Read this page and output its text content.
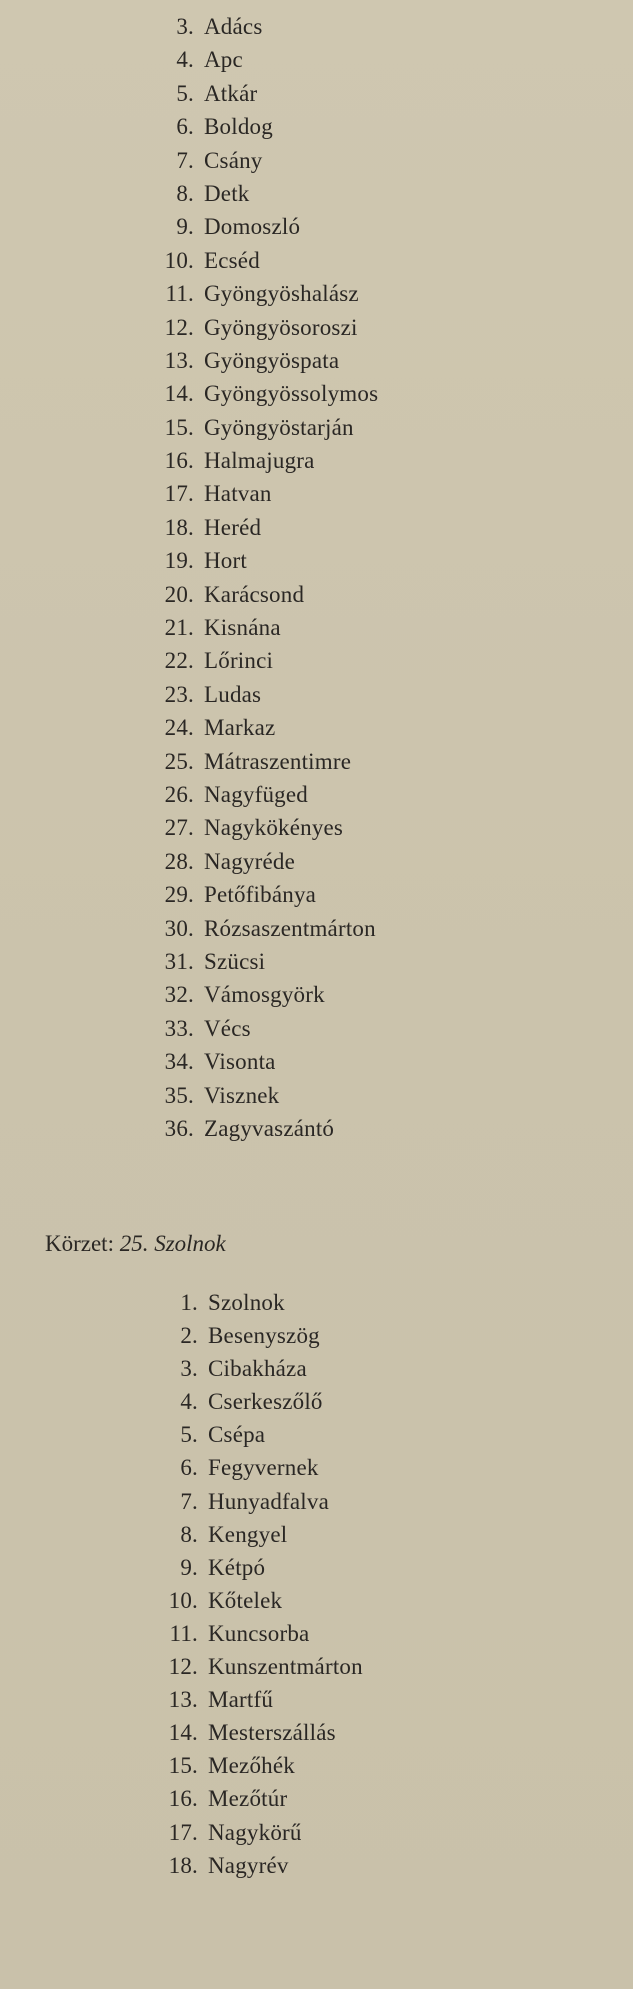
3. Adács
4. Apc
5. Atkár
6. Boldog
7. Csány
8. Detk
9. Domoszló
10. Ecséd
11. Gyöngyöshalász
12. Gyöngyösoroszi
13. Gyöngyöspata
14. Gyöngyössolymos
15. Gyöngyöstarján
16. Halmajugra
17. Hatvan
18. Heréd
19. Hort
20. Karácsond
21. Kisnána
22. Lőrinci
23. Ludas
24. Markaz
25. Mátraszentimre
26. Nagyfüged
27. Nagykökényes
28. Nagyréde
29. Petőfibánya
30. Rózsaszentmárton
31. Szücsi
32. Vámosgyörk
33. Vécs
34. Visonta
35. Visznek
36. Zagyvaszántó
Körzet: 25. Szolnok
1. Szolnok
2. Besenyszög
3. Cibakháza
4. Cserkeszőlő
5. Csépa
6. Fegyvernek
7. Hunyadfalva
8. Kengyel
9. Kétpó
10. Kőtelek
11. Kuncsorba
12. Kunszentmárton
13. Martfű
14. Mesterszállás
15. Mezőhék
16. Mezőtúr
17. Nagykörű
18. Nagyrév
